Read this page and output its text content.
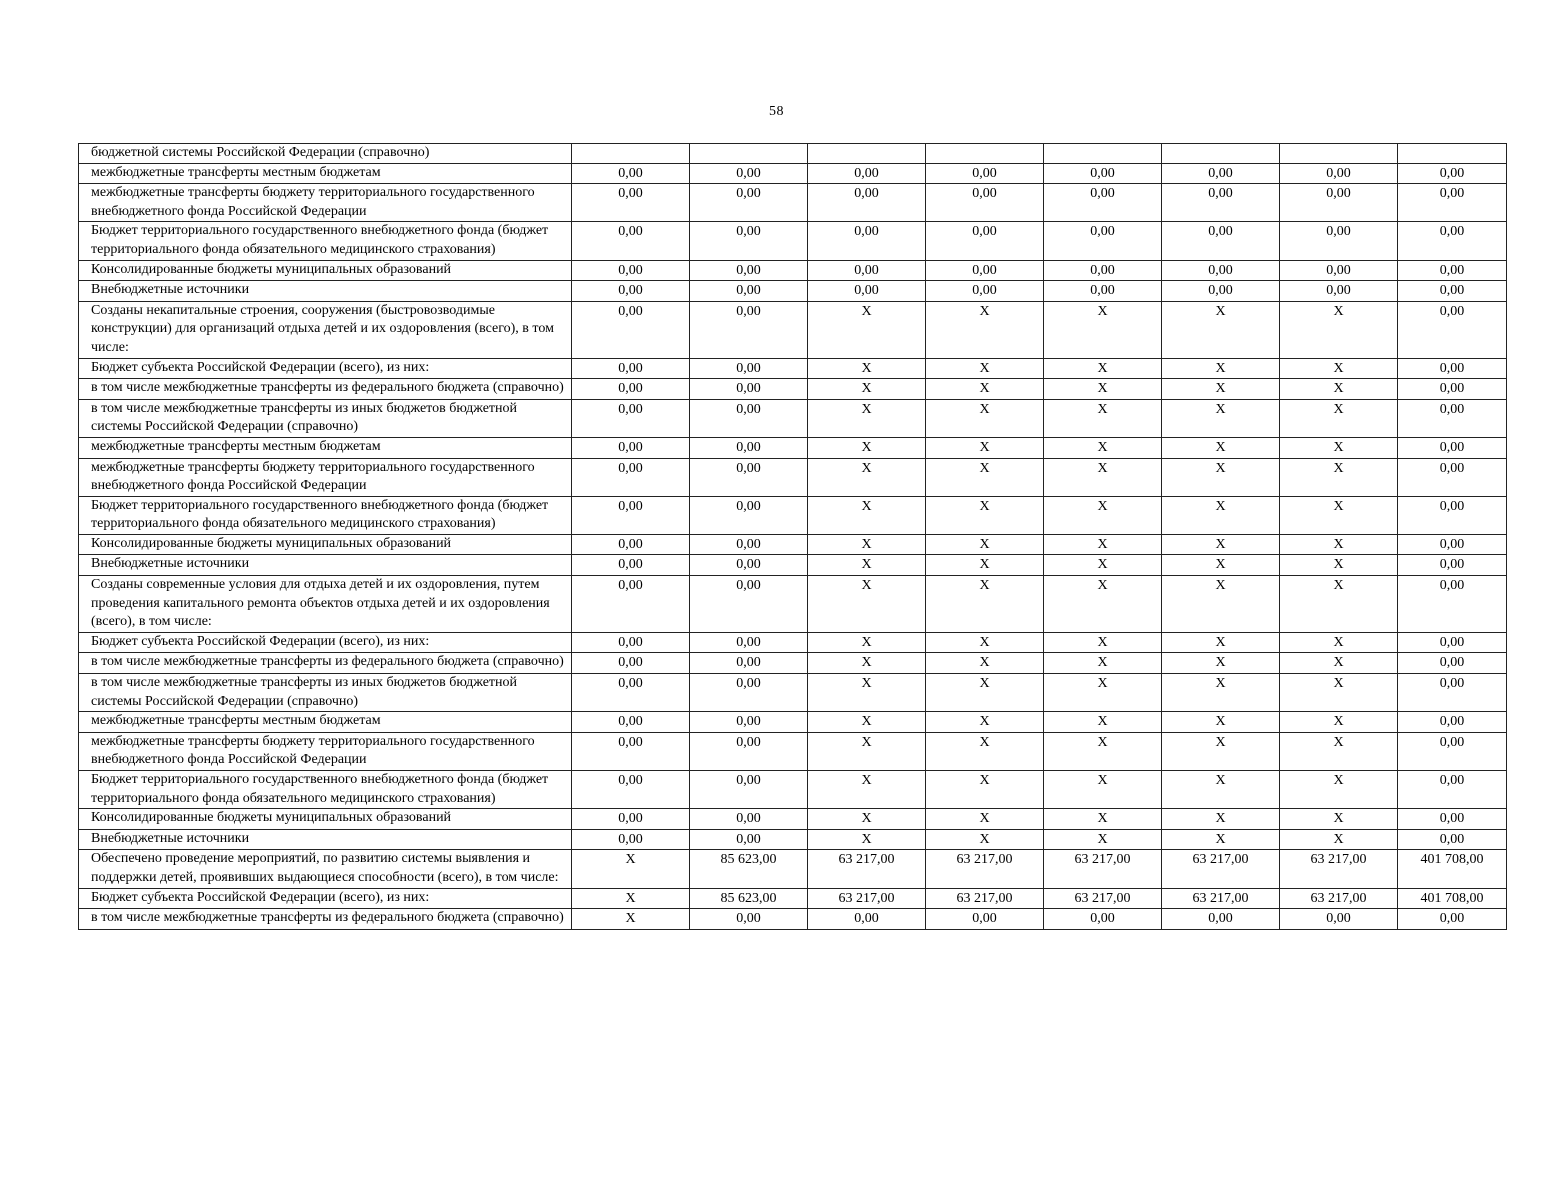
58
бюджетной системы Российской Федерации (справочно)								
межбюджетные трансферты местным бюджетам	0,00	0,00	0,00	0,00	0,00	0,00	0,00	0,00
межбюджетные трансферты бюджету территориального государственного внебюджетного фонда Российской Федерации	0,00	0,00	0,00	0,00	0,00	0,00	0,00	0,00
Бюджет территориального государственного внебюджетного фонда (бюджет территориального фонда обязательного медицинского страхования)	0,00	0,00	0,00	0,00	0,00	0,00	0,00	0,00
Консолидированные бюджеты муниципальных образований	0,00	0,00	0,00	0,00	0,00	0,00	0,00	0,00
Внебюджетные источники	0,00	0,00	0,00	0,00	0,00	0,00	0,00	0,00
Созданы некапитальные строения, сооружения (быстровозводимые конструкции) для организаций отдыха детей и их оздоровления (всего), в том числе:	0,00	0,00	X	X	X	X	X	0,00
Бюджет субъекта Российской Федерации (всего), из них:	0,00	0,00	X	X	X	X	X	0,00
в том числе межбюджетные трансферты из федерального бюджета (справочно)	0,00	0,00	X	X	X	X	X	0,00
в том числе межбюджетные трансферты из иных бюджетов бюджетной системы Российской Федерации (справочно)	0,00	0,00	X	X	X	X	X	0,00
межбюджетные трансферты местным бюджетам	0,00	0,00	X	X	X	X	X	0,00
межбюджетные трансферты бюджету территориального государственного внебюджетного фонда Российской Федерации	0,00	0,00	X	X	X	X	X	0,00
Бюджет территориального государственного внебюджетного фонда (бюджет территориального фонда обязательного медицинского страхования)	0,00	0,00	X	X	X	X	X	0,00
Консолидированные бюджеты муниципальных образований	0,00	0,00	X	X	X	X	X	0,00
Внебюджетные источники	0,00	0,00	X	X	X	X	X	0,00
Созданы современные условия для отдыха детей и их оздоровления, путем проведения капитального ремонта объектов отдыха детей и их оздоровления (всего), в том числе:	0,00	0,00	X	X	X	X	X	0,00
Бюджет субъекта Российской Федерации (всего), из них:	0,00	0,00	X	X	X	X	X	0,00
в том числе межбюджетные трансферты из федерального бюджета (справочно)	0,00	0,00	X	X	X	X	X	0,00
в том числе межбюджетные трансферты из иных бюджетов бюджетной системы Российской Федерации (справочно)	0,00	0,00	X	X	X	X	X	0,00
межбюджетные трансферты местным бюджетам	0,00	0,00	X	X	X	X	X	0,00
межбюджетные трансферты бюджету территориального государственного внебюджетного фонда Российской Федерации	0,00	0,00	X	X	X	X	X	0,00
Бюджет территориального государственного внебюджетного фонда (бюджет территориального фонда обязательного медицинского страхования)	0,00	0,00	X	X	X	X	X	0,00
Консолидированные бюджеты муниципальных образований	0,00	0,00	X	X	X	X	X	0,00
Внебюджетные источники	0,00	0,00	X	X	X	X	X	0,00
Обеспечено проведение мероприятий, по развитию системы выявления и поддержки детей, проявивших выдающиеся способности (всего), в том числе:	X	85 623,00	63 217,00	63 217,00	63 217,00	63 217,00	63 217,00	401 708,00
Бюджет субъекта Российской Федерации (всего), из них:	X	85 623,00	63 217,00	63 217,00	63 217,00	63 217,00	63 217,00	401 708,00
в том числе межбюджетные трансферты из федерального бюджета (справочно)	X	0,00	0,00	0,00	0,00	0,00	0,00	0,00
